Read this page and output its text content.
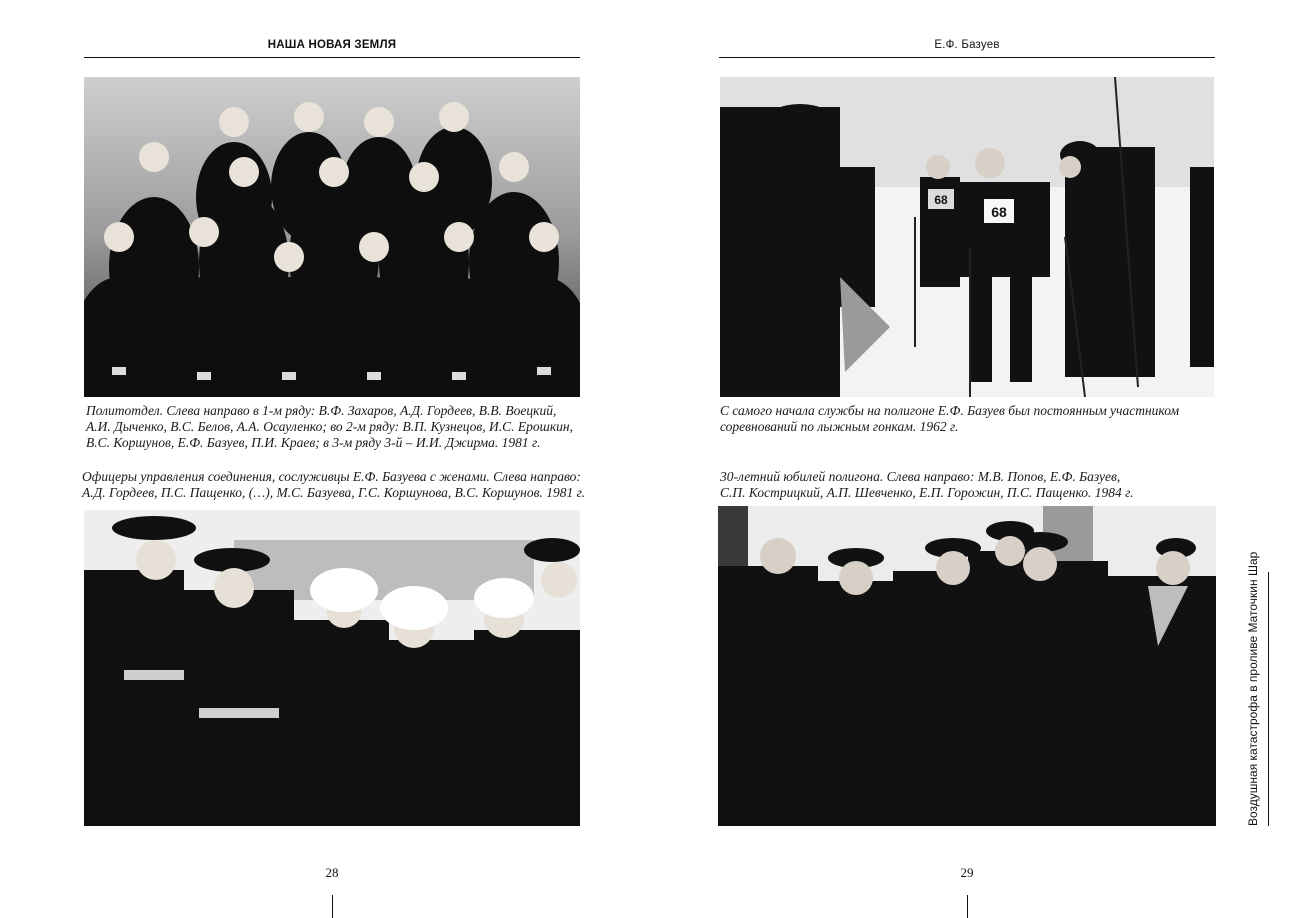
НАША НОВАЯ ЗЕМЛЯ
Политотдел. Слева направо в 1-м ряду: В.Ф. Захаров, А.Д. Гордеев, В.В. Воецкий,
А.И. Дыченко, В.С. Белов, А.А. Осауленко; во 2-м ряду: В.П. Кузнецов, И.С. Ерошкин,
В.С. Коршунов, Е.Ф. Базуев, П.И. Краев; в 3-м ряду 3-й – И.И. Джирма. 1981 г.
Офицеры управления соединения, сослуживцы Е.Ф. Базуева с женами. Слева направо:
А.Д. Гордеев, П.С. Пащенко, (…), М.С. Базуева, Г.С. Коршунова, В.С. Коршунов. 1981 г.
28
Е.Ф. Базуев
68
68
С самого начала службы на полигоне Е.Ф. Базуев был постоянным участником
соревнований по лыжным гонкам. 1962 г.
30-летний юбилей полигона. Слева направо: М.В. Попов, Е.Ф. Базуев,
С.П. Кострицкий, А.П. Шевченко, Е.П. Горожин, П.С. Пащенко. 1984 г.
29
Воздушная катастрофа в проливе Маточкин Шар
